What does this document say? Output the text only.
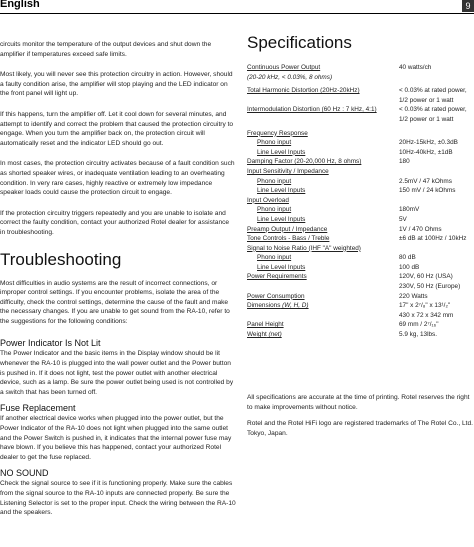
English	9

circuits monitor the temperature of the output devices and shut down the amplifier if temperatures exceed safe limits.

Most likely, you will never see this protection circuitry in action. However, should a faulty condition arise, the amplifier will stop playing and the LED indicator on the front panel will light up.

If this happens, turn the amplifier off. Let it cool down for several minutes, and attempt to identify and correct the problem that caused the protection circuitry to engage. When you turn the amplifier back on, the protection circuit will automatically reset and the indicator LED should go out.

In most cases, the protection circuitry activates because of a fault condition such as shorted speaker wires, or inadequate ventilation leading to an overheating condition. In very rare cases, highly reactive or extremely low impedance speaker loads could cause the protection circuit to engage.

If the protection circuitry triggers repeatedly and you are unable to isolate and correct the faulty condition, contact your authorized Rotel dealer for assistance in troubleshooting.

Troubleshooting

Most difficulties in audio systems are the result of incorrect connections, or improper control settings. If you encounter problems, isolate the area of the difficulty, check the control settings, determine the cause of the fault and make the necessary changes. If you are unable to get sound from the RA-10, refer to the suggestions for the following conditions:

Power Indicator Is Not Lit

The Power Indicator and the basic items in the Display window should be lit whenever the RA-10 is plugged into the wall power outlet and the Power button is pushed in. If it does not light, test the power outlet with another electrical device, such as a lamp. Be sure the power outlet being used is not controlled by a switch that has been turned off.

Fuse Replacement

If another electrical device works when plugged into the power outlet, but the Power Indicator of the RA-10 does not light when plugged into the same outlet and the Power Switch is pushed in, it indicates that the internal power fuse may have blown. If you believe this has happened, contact your authorized Rotel dealer to get the fuse replaced.

NO SOUND

Check the signal source to see if it is functioning properly. Make sure the cables from the signal source to the RA-10 inputs are connected properly. Be sure the Listening Selector is set to the proper input. Check the wiring between the RA-10 and the speakers.

Specifications
Continuous Power Output	40 watts/ch
(20-20 kHz, < 0.03%, 8 ohms)
Total Harmonic Distortion (20Hz-20kHz)	< 0.03% at rated power,
1/2 power or 1 watt
Intermodulation Distortion (60 Hz : 7 kHz, 4:1)	< 0.03% at rated power,
1/2 power or 1 watt
Frequency Response
Phono input	20Hz-15kHz, ±0.3dB
Line Level Inputs	10Hz-40kHz, ±1dB
Damping Factor (20-20,000 Hz, 8 ohms)	180
Input Sensitivity / Impedance
Phono input	2.5mV / 47 kOhms
Line Level Inputs	150 mV / 24 kOhms
Input Overload
Phono input	180mV
Line Level Inputs	5V
Preamp Output / Impedance	1V / 470 Ohms
Tone Controls - Bass / Treble	±6 dB at 100Hz / 10kHz
Signal to Noise Ratio (IHF "A" weighted)
Phono input	80 dB
Line Level Inputs	100 dB
Power Requirements	120V, 60 Hz (USA)
230V, 50 Hz (Europe)
Power Consumption	220 Watts
Dimensions (W, H, D)	17" x 2⁷/₈" x 13¹/₂"
430 x 72 x 342 mm
Panel Height	69 mm / 2⁷/₁₆"
Weight (net)	5.9 kg, 13lbs.

All specifications are accurate at the time of printing. Rotel reserves the right to make improvements without notice.

Rotel and the Rotel HiFi logo are registered trademarks of The Rotel Co., Ltd. Tokyo, Japan.
